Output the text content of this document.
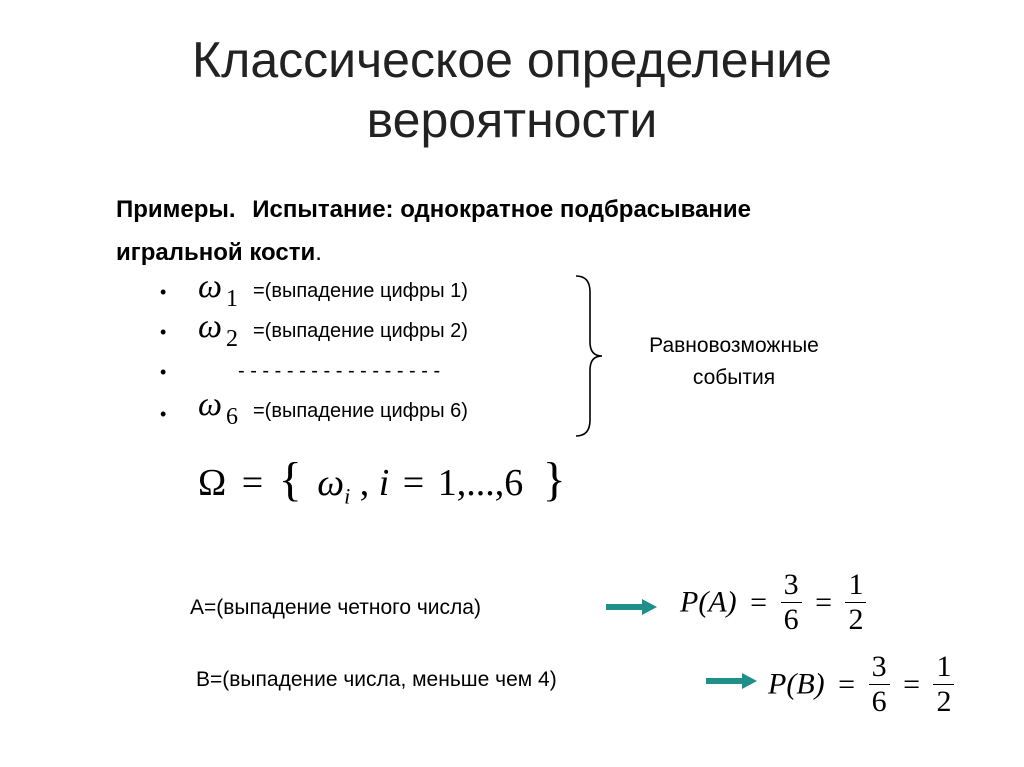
Классическое определение
вероятности
Примеры. Испытание: однократное подбрасывание
игральной кости.
• ω 1 =(выпадение цифры 1)
• ω 2 =(выпадение цифры 2)
•	- - - - - - - - - - - - - - - - -
• ω 6 =(выпадение цифры 6)
Равновозможные
события
Ω = { $\omega_i$ , i = 1,...,6 }
A=(выпадение четного числа)	$P(A) = \frac{3}{6} = \frac{1}{2}$
B=(выпадение числа, меньше чем 4)	$P(B) = \frac{3}{6} = \frac{1}{2}$
